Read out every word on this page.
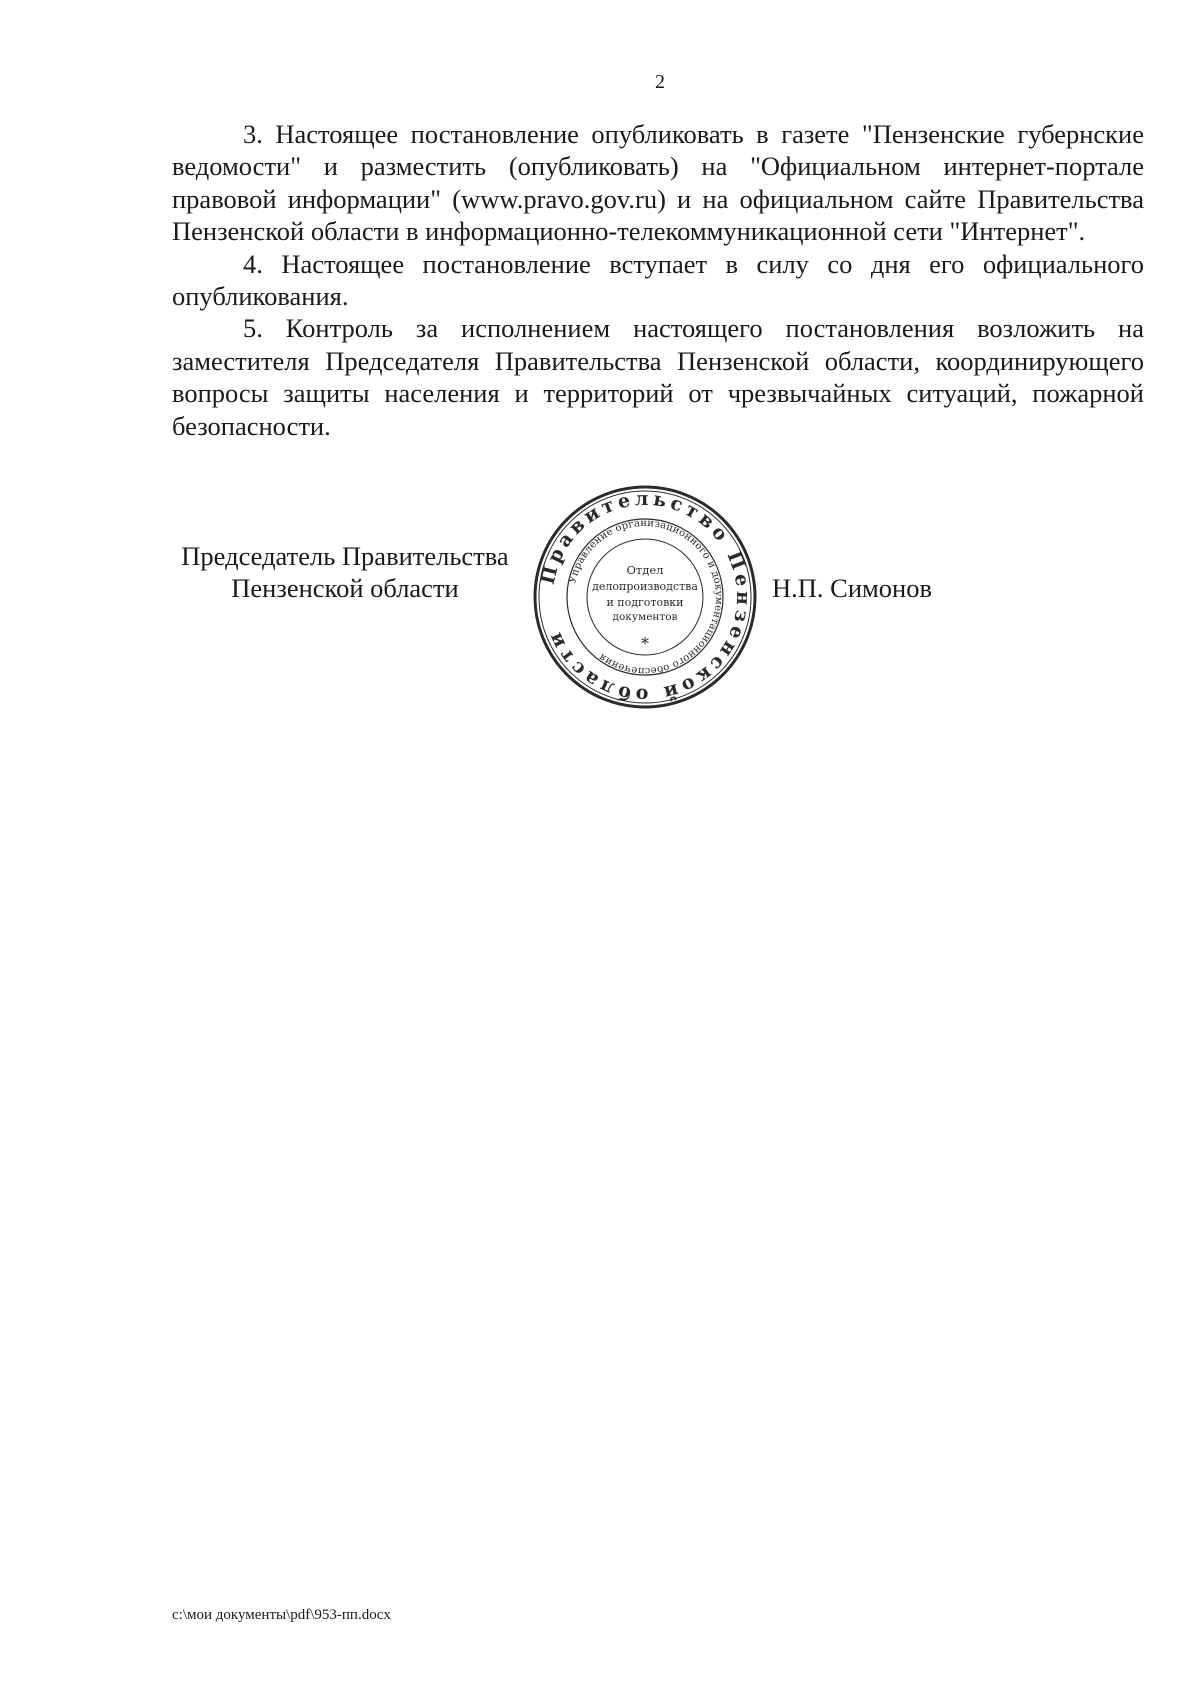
2

3. Настоящее постановление опубликовать в газете "Пензенские губернские ведомости" и разместить (опубликовать) на "Официальном интернет-портале правовой информации" (www.pravo.gov.ru) и на официальном сайте Правительства Пензенской области в информационно-телекоммуникационной сети "Интернет".

4. Настоящее постановление вступает в силу со дня его официального опубликования.

5. Контроль за исполнением настоящего постановления возложить на заместителя Председателя Правительства Пензенской области, координирующего вопросы защиты населения и территорий от чрезвычайных ситуаций, пожарной безопасности.

Председатель Правительства
Пензенской области	Н.П. Симонов
Правительство Пензенской области
Управление организационного и документационного обеспечения
Отдел
делопроизводства
и подготовки
документов
*
c:\мои документы\pdf\953-пп.docx
